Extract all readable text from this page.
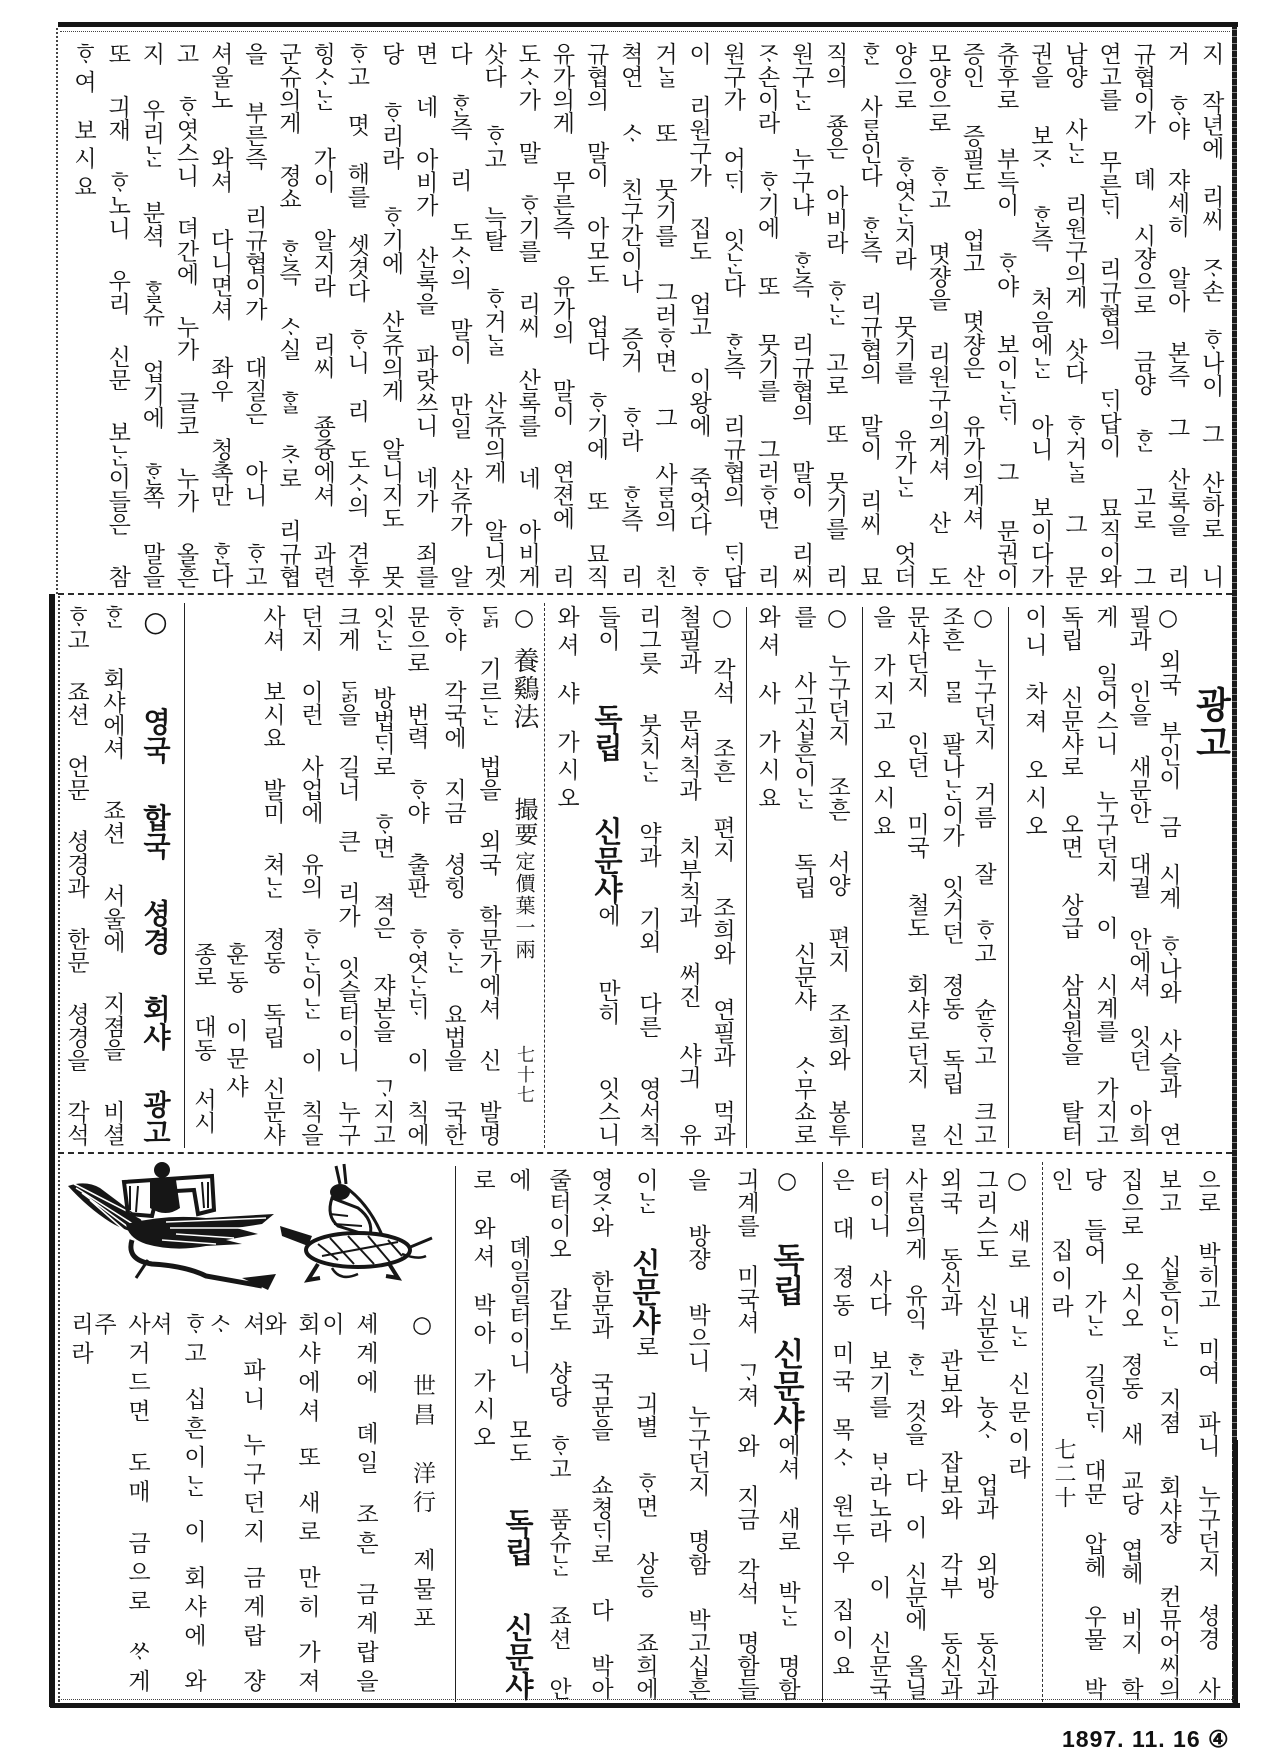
지 작년에 리씨 ᄌᆞ손 ᄒᆞ나이 그 산하로 니
거 ᄒᆞ야 쟈세히 알아 본즉 그 산록을 리
규협이가 뎨 시쟝으로 금양 ᄒᆞᆫ 고로 그
연고를 무른ᄃᆡ 리규협의 ᄃᆡ답이 묘직이와
남양 사ᄂᆞᆫ 리원구의게 삿다 ᄒᆞ거ᄂᆞᆯ 그 문
권을 보ᄌᆞ ᄒᆞᆫ즉 처음에ᄂᆞᆫ 아니 보이다가
츄후로 부득이 ᄒᆞ야 보이ᄂᆞᆫᄃᆡ 그 문권이
증인 증필도 업고 몃쟝은 유가의게셔 산
모양으로 ᄒᆞ고 몃쟝을 리원구의게셔 산 도
양으로 ᄒᆞ엿ᄂᆞᆫ지라 뭇기를 유가ᄂᆞᆫ 엇더
ᄒᆞᆫ 사ᄅᆞᆷ인다 ᄒᆞᆫ즉 리규협의 말이 리씨 묘
직의 죵은 아비라 ᄒᆞᄂᆞᆫ 고로 또 뭇기를 리
원구ᄂᆞᆫ 누구냐 ᄒᆞᆫ즉 리규협의 말이 리씨
ᄌᆞ손이라 ᄒᆞ기에 또 뭇기를 그러ᄒᆞ면 리
원구가 어ᄃᆡ 잇ᄂᆞᆫ다 ᄒᆞᆫ즉 리규협의 ᄃᆡ답
이 리원구가 집도 업고 이왕에 죽엇다 ᄒᆞ
거ᄂᆞᆯ 또 뭇기를 그러ᄒᆞ면 그 사ᄅᆞᆷ의 친
쳑연 ᄉᆞ 친구간이나 증거 ᄒᆞ라 ᄒᆞᆫ즉 리
규협의 말이 아모도 업다 ᄒᆞ기에 또 묘직
유가의게 무른즉 유가의 말이 연젼에 리
도ᄉᆞ가 말 ᄒᆞ기를 리씨 산록를 네 아비게
삿다 ᄒᆞ고 늑탈 ᄒᆞ거ᄂᆞᆯ 산쥬의게 알니겟
다 ᄒᆞᆫ즉 리 도ᄉᆞ의 말이 만일 산쥬가 알
면 네 아비가 산록을 파랏쓰니 네가 죄를
당 ᄒᆞ리라 ᄒᆞ기에 산쥬의게 알니지도 못
ᄒᆞ고 몃 해를 셋겻다 ᄒᆞ니 리 도ᄉᆞ의 견후
힝ᄉᆞᄂᆞᆫ 가이 알지라 리씨 죵즁에셔 과련
군슈의게 졍쇼 ᄒᆞᆫ즉 ᄉᆞ실 ᄒᆞᆯ ᄎᆞ로 리규협
을 부른즉 리규협이가 대질은 아니 ᄒᆞ고
셔울노 와셔 다니면셔 좌우 청촉만 ᄒᆞᆫ다
고 ᄒᆞ엿스니 뎌간에 누가 글코 누가 올흔
지 우리ᄂᆞᆫ 분셕 ᄒᆞᆯ슈 업기에 ᄒᆞᆫ쪽 말을
또 긔재 ᄒᆞ노니 우리 신문 보ᄂᆞᆫ이들은 참
ᄒᆞ여 보시요
광고
○외국 부인이 금 시계 ᄒᆞ나와 사슬과 연
필과 인을 새문안 대궐 안에셔 잇던 아희
게 일어스니 누구던지 이 시계를 가지고
독립 신문샤로 오면 상급 삼십원을 탈터
이니 차져 오시오
○누구던지 거름 잘 ᄒᆞ고 슌ᄒᆞ고 크고
조흔 ᄆᆞᆯ 팔나ᄂᆞᆫ이가 잇거던 졍동 독립 신
문샤던지 인던 미국 철도 회샤로던지 ᄆᆞᆯ
을 가지고 오시요
○누구던지 조흔 서양 편지 조희와 봉투
를 사고십흔이ᄂᆞᆫ 독립 신문샤 ᄉᆞ무쇼로
와셔 사 가시요
○각석 조흔 편지 조희와 연필과 먹과
철필과 문셔칙과 치부칙과 써진 샤긔 유
리그릇 붓치ᄂᆞᆫ 약과 기외 다른 영서칙
들이 독립 신문샤에 만히 잇스니
와셔 샤 가시오
○
養鷄法
撮要
定價葉一兩
七十七
ᄃᆞᆰ 기르ᄂᆞᆫ 법을 외국 학문가에셔 신 발명
ᄒᆞ야 각국에 지금 셩힝 ᄒᆞᄂᆞᆫ 요법을 국한
문으로 번력 ᄒᆞ야 출판 ᄒᆞ엿ᄂᆞᆫᄃᆡ 이 칙에
잇ᄂᆞᆫ 방법ᄃᆡ로 ᄒᆞ면 젹은 쟈본을 ᄀᆞ지고
크게 ᄃᆞᆰ을 길너 큰 리가 잇슬터이니 누구
던지 이런 사업에 유의 ᄒᆞᄂᆞᆫ이ᄂᆞᆫ 이 칙을
사셔 보시요 발미 쳐ᄂᆞᆫ 졍동 독립 신문샤
훈동 이문샤
종로 대동 서시
○ 영국 합국 셩경 회샤 광고
ᄒᆞᆫ 회샤에셔 죠션 서울에 지졈을 비셜
ᄒᆞ고 죠션 언문 셩경과 한문 셩경을 각석
으로 박히고 미여 파니 누구던지 셩경 사
보고 십흔이ᄂᆞᆫ 지졈 회샤쟝 컨뮤어씨의
집으로 오시오 졍동 새 교당 엽헤 비지 학
당 들어 가ᄂᆞᆫ 길인ᄃᆡ 대문 압헤 우물 박
인 집이라
七二十
○ 새로 내ᄂᆞᆫ 신문이라
그리스도 신문은 농ᄉᆞ 업과 외방 동신과
외국 동신과 관보와 잡보와 각부 동신과
사ᄅᆞᆷ의게 유익 ᄒᆞᆫ 것을 다 이 신문에 올닐
터이니 사다 보기를 ᄇᆞ라노라 이 신문국
은 대 졍동 미국 목ᄉᆞ 원두우 집이요
○ 독립 신문샤에셔 새로 박ᄂᆞᆫ 명함
긔계를 미국셔 ᄀᆞ져 와 지금 각석 명함들
을 방쟝 박으니 누구던지 명함 박고십흔
이ᄂᆞᆫ 신문샤로 긔별 ᄒᆞ면 상등 죠희에
영ᄌᆞ와 한문과 국문을 쇼쳥ᄃᆡ로 다 박아
줄터이오 갑도 샹당 ᄒᆞ고 품슈ᄂᆞᆫ 죠션 안
에 뎨일일터이니 모도 독립 신문샤
로 와셔 박아 가시오
○ 世昌 洋行 제물포
셰계에 뎨일 조흔 금계랍을 이
회샤에셔 또 새로 만히 가져 와
셔 파니 누구던지 금계랍 쟝ᄉᆞ
ᄒᆞ고 십흔이ᄂᆞᆫ 이 회샤에 와셔
사거드면 도매 금으로 ᄊᆞ게 주
리라
1897. 11. 16 ④
